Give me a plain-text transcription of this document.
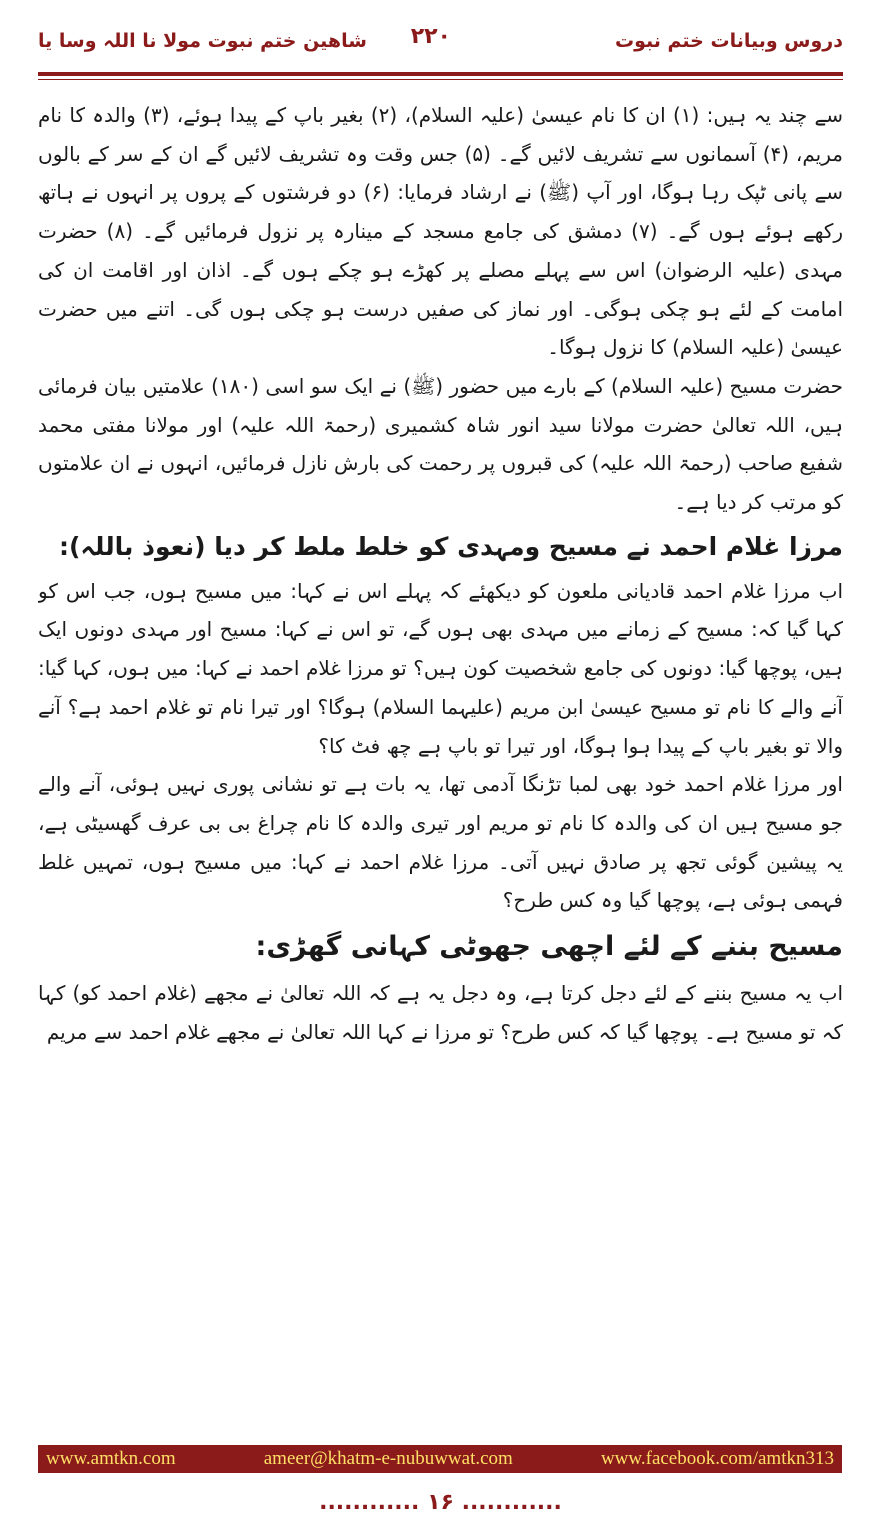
دروس وبیانات ختم نبوت
۲۲۰
شاھین ختم نبوت مولا نا اللہ وسا یا

سے چند یہ ہیں: (۱) ان کا نام عیسیٰ (علیہ السلام)، (۲) بغیر باپ کے پیدا ہوئے، (۳) والدہ کا نام مریم، (۴) آسمانوں سے تشریف لائیں گے۔ (۵) جس وقت وہ تشریف لائیں گے ان کے سر کے بالوں سے پانی ٹپک رہا ہوگا، اور آپ (ﷺ) نے ارشاد فرمایا: (۶) دو فرشتوں کے پروں پر انہوں نے ہاتھ رکھے ہوئے ہوں گے۔ (۷) دمشق کی جامع مسجد کے مینارہ پر نزول فرمائیں گے۔ (۸) حضرت مہدی (علیہ الرضوان) اس سے پہلے مصلے پر کھڑے ہو چکے ہوں گے۔ اذان اور اقامت ان کی امامت کے لئے ہو چکی ہوگی۔ اور نماز کی صفیں درست ہو چکی ہوں گی۔ اتنے میں حضرت عیسیٰ (علیہ السلام) کا نزول ہوگا۔

حضرت مسیح (علیہ السلام) کے بارے میں حضور (ﷺ) نے ایک سو اسی (۱۸۰) علامتیں بیان فرمائی ہیں، اللہ تعالیٰ حضرت مولانا سید انور شاہ کشمیری (رحمۃ اللہ علیہ) اور مولانا مفتی محمد شفیع صاحب (رحمۃ اللہ علیہ) کی قبروں پر رحمت کی بارش نازل فرمائیں، انہوں نے ان علامتوں کو مرتب کر دیا ہے۔

مرزا غلام احمد نے مسیح ومہدی کو خلط ملط کر دیا (نعوذ باللہ):

اب مرزا غلام احمد قادیانی ملعون کو دیکھئے کہ پہلے اس نے کہا: میں مسیح ہوں، جب اس کو کہا گیا کہ: مسیح کے زمانے میں مہدی بھی ہوں گے، تو اس نے کہا: مسیح اور مہدی دونوں ایک ہیں، پوچھا گیا: دونوں کی جامع شخصیت کون ہیں؟ تو مرزا غلام احمد نے کہا: میں ہوں، کہا گیا: آنے والے کا نام تو مسیح عیسیٰ ابن مریم (علیہما السلام) ہوگا؟ اور تیرا نام تو غلام احمد ہے؟ آنے والا تو بغیر باپ کے پیدا ہوا ہوگا، اور تیرا تو باپ ہے چھ فٹ کا؟

اور مرزا غلام احمد خود بھی لمبا تڑنگا آدمی تھا، یہ بات ہے تو نشانی پوری نہیں ہوئی، آنے والے جو مسیح ہیں ان کی والدہ کا نام تو مریم اور تیری والدہ کا نام چراغ بی بی عرف گھسیٹی ہے، یہ پیشین گوئی تجھ پر صادق نہیں آتی۔ مرزا غلام احمد نے کہا: میں مسیح ہوں، تمہیں غلط فہمی ہوئی ہے، پوچھا گیا وہ کس طرح؟

مسیح بننے کے لئے اچھی جھوٹی کہانی گھڑی:

اب یہ مسیح بننے کے لئے دجل کرتا ہے، وہ دجل یہ ہے کہ اللہ تعالیٰ نے مجھے (غلام احمد کو) کہا کہ تو مسیح ہے۔ پوچھا گیا کہ کس طرح؟ تو مرزا نے کہا اللہ تعالیٰ نے مجھے غلام احمد سے مریم

www.amtkn.com	ameer@khatm-e-nubuwwat.com	www.facebook.com/amtkn313
............ ۱۶ ............
